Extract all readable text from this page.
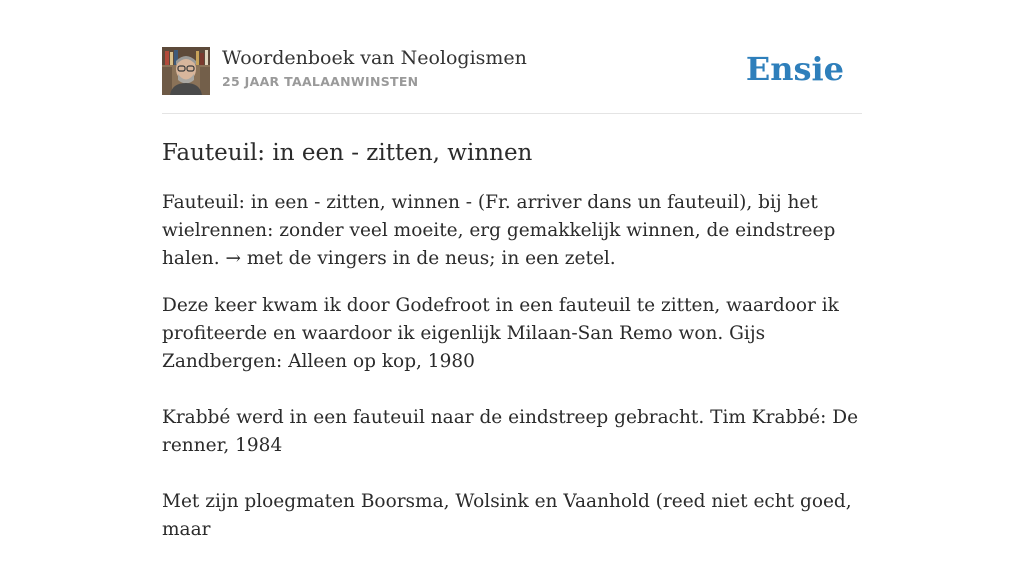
Woordenboek van Neologismen
25 JAAR TAALAANWINSTEN	Ensie
Fauteuil: in een - zitten, winnen

Fauteuil: in een - zitten, winnen - (Fr. arriver dans un fauteuil), bij het wielrennen: zonder veel moeite, erg gemakkelijk winnen, de eindstreep halen. → met de vingers in de neus; in een zetel.

Deze keer kwam ik door Godefroot in een fauteuil te zitten, waardoor ik profiteerde en waardoor ik eigenlijk Milaan-San Remo won. Gijs Zandbergen: Alleen op kop, 1980
Krabbé werd in een fauteuil naar de eindstreep gebracht. Tim Krabbé: De renner, 1984
Met zijn ploegmaten Boorsma, Wolsink en Vaanhold (reed niet echt goed, maar
